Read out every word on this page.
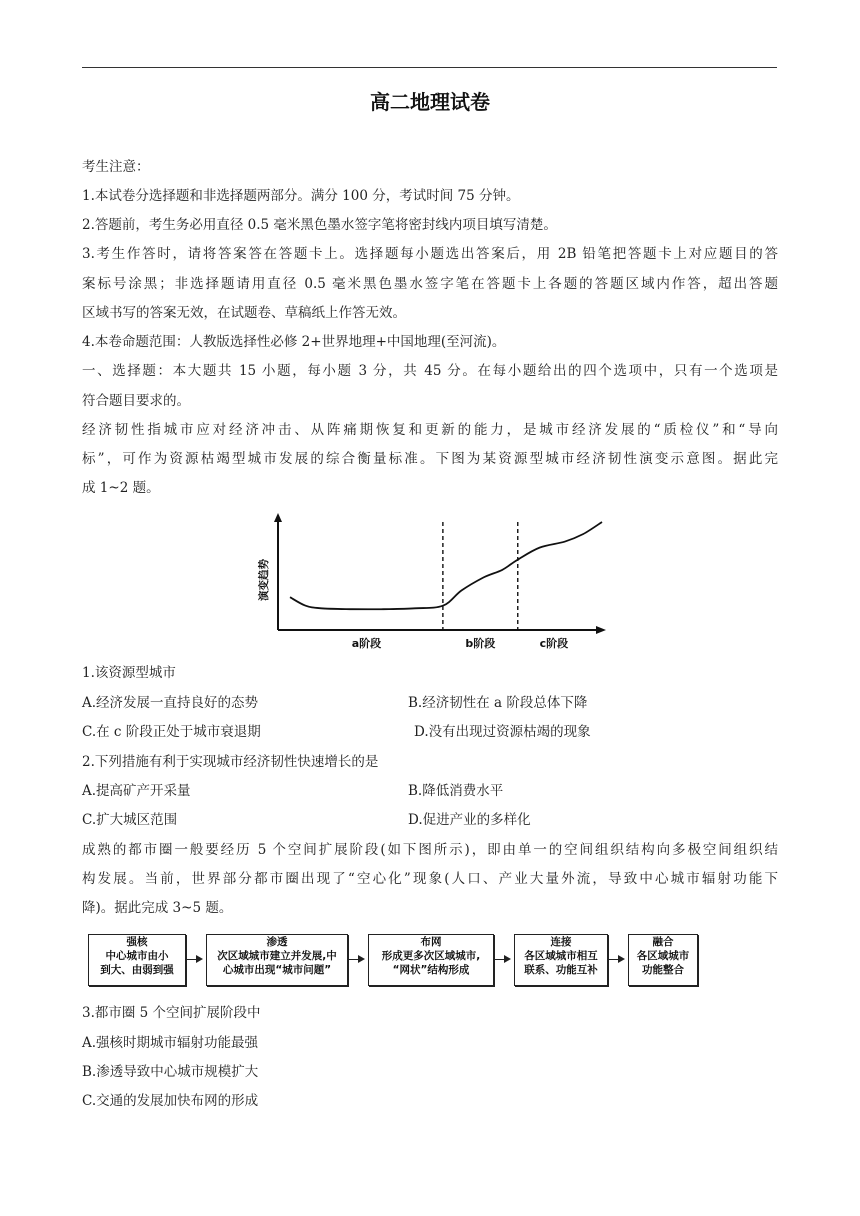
高二地理试卷
考生注意：
1.本试卷分选择题和非选择题两部分。满分 100 分，考试时间 75 分钟。
2.答题前，考生务必用直径 0.5 毫米黑色墨水签字笔将密封线内项目填写清楚。
3.考生作答时，请将答案答在答题卡上。选择题每小题选出答案后，用 2B 铅笔把答题卡上对应题目的答
案标号涂黑；非选择题请用直径 0.5 毫米黑色墨水签字笔在答题卡上各题的答题区域内作答，超出答题
区域书写的答案无效，在试题卷、草稿纸上作答无效。
4.本卷命题范围：人教版选择性必修 2+世界地理+中国地理(至河流)。
一、选择题：本大题共 15 小题，每小题 3 分，共 45 分。在每小题给出的四个选项中，只有一个选项是
符合题目要求的。
经济韧性指城市应对经济冲击、从阵痛期恢复和更新的能力，是城市经济发展的“质检仪”和“导向
标”，可作为资源枯竭型城市发展的综合衡量标准。下图为某资源型城市经济韧性演变示意图。据此完
成 1~2 题。
演变趋势
a阶段	b阶段	c阶段
1.该资源型城市
A.经济发展一直持良好的态势	B.经济韧性在 a 阶段总体下降
C.在 c 阶段正处于城市衰退期	D.没有出现过资源枯竭的现象
2.下列措施有利于实现城市经济韧性快速增长的是
A.提高矿产开采量	B.降低消费水平
C.扩大城区范围	D.促进产业的多样化
成熟的都市圈一般要经历 5 个空间扩展阶段(如下图所示)，即由单一的空间组织结构向多极空间组织结
构发展。当前，世界部分都市圈出现了“空心化”现象(人口、产业大量外流，导致中心城市辐射功能下
降)。据此完成 3~5 题。
强核
中心城市由小
到大、由弱到强
渗透
次区域城市建立并发展,中
心城市出现“城市问题”
布网
形成更多次区域城市,
“网状”结构形成
连接
各区域城市相互
联系、功能互补
融合
各区域城市
功能整合
3.都市圈 5 个空间扩展阶段中
A.强核时期城市辐射功能最强
B.渗透导致中心城市规模扩大
C.交通的发展加快布网的形成
